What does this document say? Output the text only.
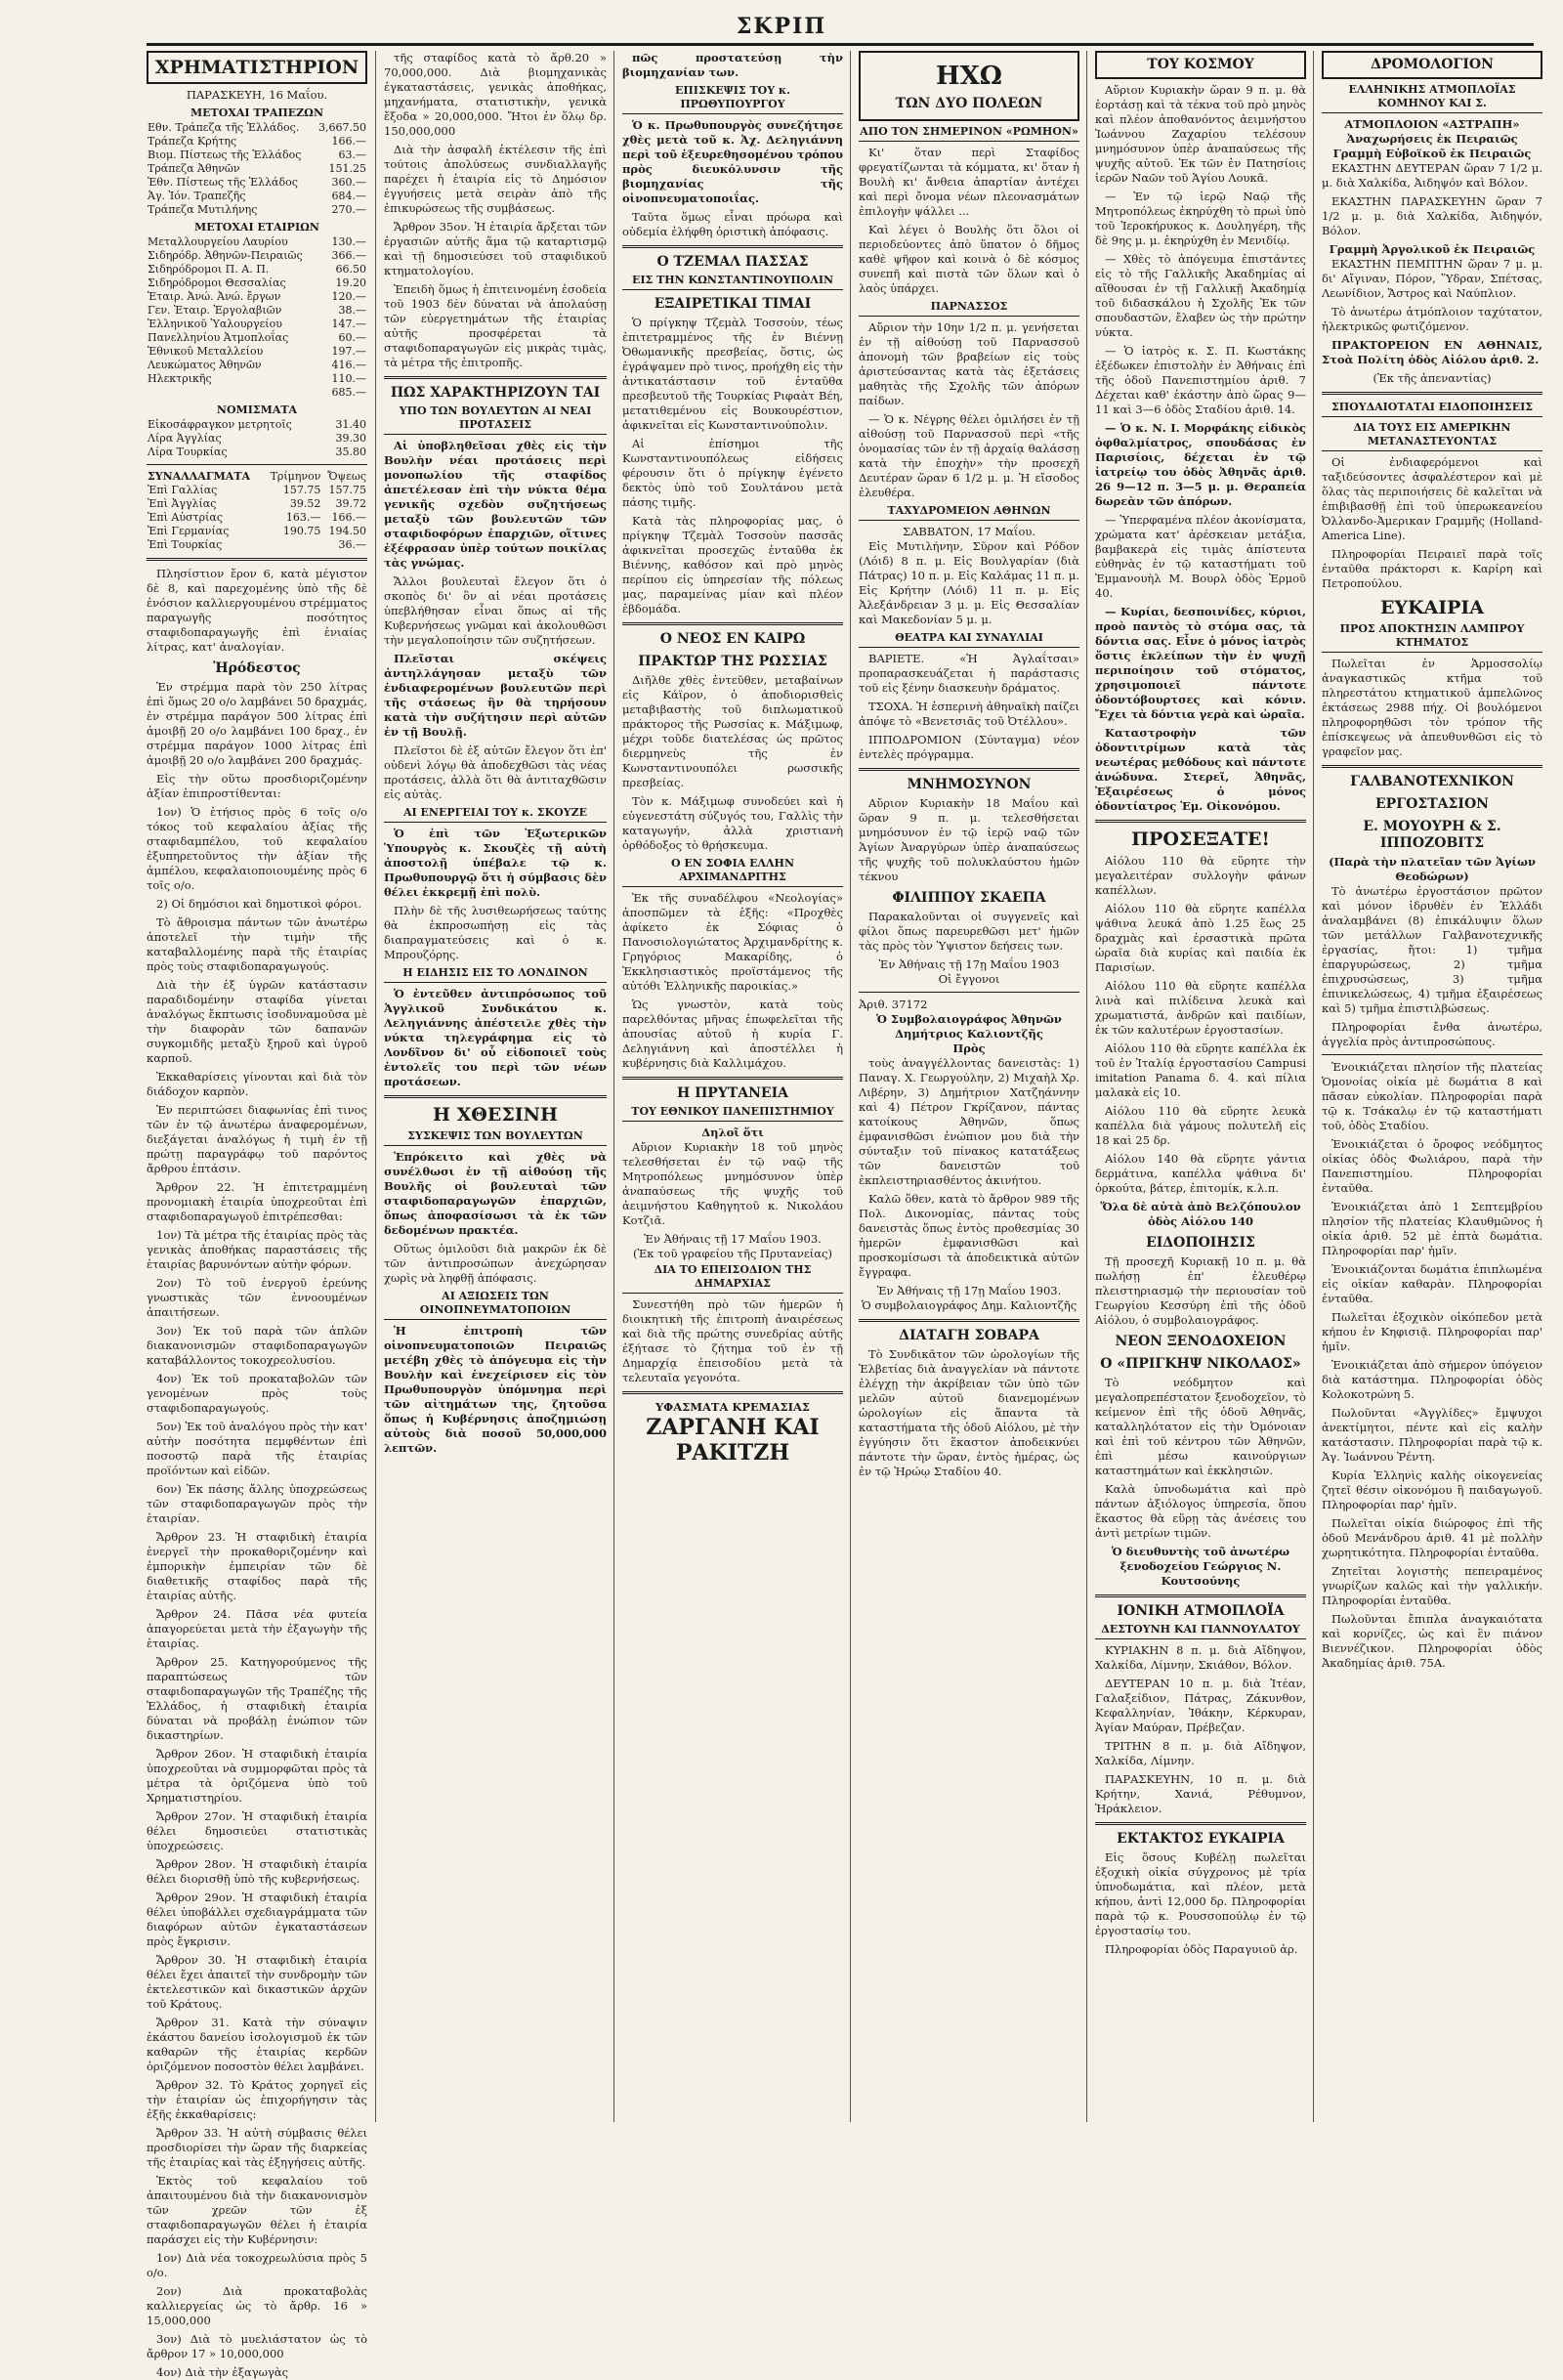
ΣΚΡΙΠ
ΧΡΗΜΑΤΙΣΤΗΡΙΟΝ
ΠΑΡΑΣΚΕΥΗ, 16 Μαΐου.
ΜΕΤΟΧΑΙ ΤΡΑΠΕΖΩΝ
Εθν. Τράπεζα τῆς Ἑλλάδος.	3,667.50
Τράπεζα Κρήτης	166.—
Βιομ. Πίστεως τῆς Ἑλλάδος	63.—
Τράπεζα Ἀθηνῶν	151.25
Ἐθν. Πίστεως τῆς Ἑλλάδος	360.—
Ἀγ. Ἰόν. Τραπεζῆς	684.—
Τράπεζα Μυτιλήνης	270.—
ΜΕΤΟΧΑΙ ΕΤΑΙΡΙΩΝ
Μεταλλουργείου Λαυρίου	130.—
Σιδηρόδρ. Ἀθηνῶν-Πειραιῶς	366.—
Σιδηρόδρομοι Π. Α. Π.	66.50
Σιδηρόδρομοι Θεσσαλίας	19.20
Ἑταιρ. Ἀνώ. Ἀνώ. ἔργων	120.—
Γεν. Ἑταιρ. Ἐργολαβιῶν	38.—
Ἑλληνικοῦ Ὑαλουργείου	147.—
Πανελληνίου Ἀτμοπλοΐας	60.—
Ἑθνικοῦ Μεταλλείου	197.—
Λευκώματος Ἀθηνῶν	416.—
Ηλεκτρικῆς	110.—
	685.—
ΝΟΜΙΣΜΑΤΑ
Εἰκοσάφραγκον μετρητοῖς	31.40
Λίρα Ἀγγλίας	39.30
Λίρα Τουρκίας	35.80
ΣΥΝΑΛΛΑΓΜΑΤΑ	Τρίμηνον	Ὄψεως
Ἐπὶ Γαλλίας	157.75	157.75
Ἐπὶ Ἀγγλίας	39.52	39.72
Ἐπὶ Αὐστρίας	163.—	166.—
Ἐπὶ Γερμανίας	190.75	194.50
Ἐπὶ Τουρκίας		36.—

Πλησίστιον ἔρον 6, κατὰ μέγιστον δὲ 8, καὶ παρεχομένης ὑπὸ τῆς δὲ ἐνόσιον καλλιεργουμένου στρέμματος παραγωγῆς ποσότητος σταφιδοπαραγωγῆς ἐπὶ ἑνιαίας λίτρας, κατ' ἀναλογίαν.

Ἡρόδεστος

Ἐν στρέμμα παρὰ τὸν 250 λίτρας ἐπὶ ὅμως 20 ο/ο λαμβάνει 50 δραχμάς, ἐν στρέμμα παράγον 500 λίτρας ἐπὶ ἀμοιβῇ 20 ο/ο λαμβάνει 100 δραχ., ἐν στρέμμα παράγον 1000 λίτρας ἐπὶ ἀμοιβῇ 20 ο/ο λαμβάνει 200 δραχμάς.

Εἰς τὴν οὕτω προσδιοριζομένην ἀξίαν ἐπιπροστίθενται:

1ον) Ὁ ἐτήσιος πρὸς 6 τοῖς ο/ο τόκος τοῦ κεφαλαίου ἀξίας τῆς σταφιδαμπέλου, τοῦ κεφαλαίου ἐξυπηρετοῦντος τὴν ἀξίαν τῆς ἀμπέλου, κεφαλαιοποιουμένης πρὸς 6 τοῖς ο/ο.

2) Οἱ δημόσιοι καὶ δημοτικοὶ φόροι.

Τὸ ἄθροισμα πάντων τῶν ἀνωτέρω ἀποτελεῖ τὴν τιμὴν τῆς καταβαλλομένης παρὰ τῆς ἑταιρίας πρὸς τοὺς σταφιδοπαραγωγούς.

Διὰ τὴν ἐξ ὑγρῶν κατάστασιν παραδιδομένην σταφίδα γίνεται ἀναλόγως ἔκπτωσις ἰσοδυναμοῦσα μὲ τὴν διαφορὰν τῶν δαπανῶν συγκομιδῆς μεταξὺ ξηροῦ καὶ ὑγροῦ καρποῦ.

Ἐκκαθαρίσεις γίνονται καὶ διὰ τὸν διάδοχον καρπὸν.

Ἐν περιπτώσει διαφωνίας ἐπὶ τινος τῶν ἐν τῷ ἀνωτέρω ἀναφερομένων, διεξάγεται ἀναλόγως ἡ τιμὴ ἐν τῇ πρώτῃ παραγράφῳ τοῦ παρόντος ἄρθρου ἑπτάσιν.

Ἄρθρον 22. Ἡ ἐπιτετραμμένη προνομιακὴ ἑταιρία ὑποχρεοῦται ἐπὶ σταφιδοπαραγωγοῦ ἐπιτρέπεσθαι:

1ον) Τὰ μέτρα τῆς ἐταιρίας πρὸς τὰς γενικὰς ἀποθήκας παραστάσεις τῆς ἑταιρίας βαρυνόντων αὐτὴν φόρων.

2ον) Τὸ τοῦ ἐνεργοῦ ἐρεύνης γνωστικὰς τῶν ἐννοουμένων ἀπαιτήσεων.

3ον) Ἐκ τοῦ παρὰ τῶν ἁπλῶν διακανονισμῶν σταφιδοπαραγωγῶν καταβάλλοντος τοκοχρεολυσίου.

4ον) Ἐκ τοῦ προκαταβολῶν τῶν γενομένων πρὸς τοὺς σταφιδοπαραγωγούς.

5ον) Ἐκ τοῦ ἀναλόγου πρὸς τὴν κατ' αὐτὴν ποσότητα πεμφθέντων ἐπὶ ποσοστῷ παρὰ τῆς ἑταιρίας προϊόντων καὶ εἰδῶν.

6ον) Ἐκ πάσης ἄλλης ὑποχρεώσεως τῶν σταφιδοπαραγωγῶν πρὸς τὴν ἑταιρίαν.

Ἄρθρον 23. Ἡ σταφιδικὴ ἑταιρία ἐνεργεῖ τὴν προκαθοριζομένην καὶ ἐμπορικὴν ἐμπειρίαν τῶν δὲ διαθετικῆς σταφίδος παρὰ τῆς ἑταιρίας αὐτῆς.

Ἄρθρον 24. Πᾶσα νέα φυτεία ἀπαγορεύεται μετὰ τὴν ἐξαγωγὴν τῆς ἑταιρίας.

Ἄρθρον 25. Κατηγορούμενος τῆς παραπτώσεως τῶν σταφιδοπαραγωγῶν τῆς Τραπέζης τῆς Ἑλλάδος, ἡ σταφιδικὴ ἑταιρία δύναται νὰ προβάλῃ ἐνώπιον τῶν δικαστηρίων.

Ἄρθρον 26ον. Ἡ σταφιδικὴ ἑταιρία ὑποχρεοῦται νὰ συμμορφῶται πρὸς τὰ μέτρα τὰ ὁριζόμενα ὑπὸ τοῦ Χρηματιστηρίου.

Ἄρθρον 27ον. Ἡ σταφιδικὴ ἑταιρία θέλει δημοσιεύει στατιστικὰς ὑποχρεώσεις.

Ἄρθρον 28ον. Ἡ σταφιδικὴ ἑταιρία θέλει διορισθῇ ὑπὸ τῆς κυβερνήσεως.

Ἄρθρον 29ον. Ἡ σταφιδικὴ ἑταιρία θέλει ὑποβάλλει σχεδιαγράμματα τῶν διαφόρων αὐτῶν ἐγκαταστάσεων πρὸς ἔγκρισιν.

Ἄρθρον 30. Ἡ σταφιδικὴ ἑταιρία θέλει ἔχει ἀπαιτεῖ τὴν συνδρομὴν τῶν ἐκτελεστικῶν καὶ δικαστικῶν ἀρχῶν τοῦ Κράτους.

Ἄρθρον 31. Κατὰ τὴν σύναψιν ἐκάστου δανείου ἰσολογισμοῦ ἐκ τῶν καθαρῶν τῆς ἑταιρίας κερδῶν ὁριζόμενον ποσοστὸν θέλει λαμβάνει.

Ἄρθρον 32. Τὸ Κράτος χορηγεῖ εἰς τὴν ἑταιρίαν ὡς ἐπιχορήγησιν τὰς ἐξῆς ἐκκαθαρίσεις:

Ἄρθρον 33. Ἡ αὐτὴ σύμβασις θέλει προσδιορίσει τὴν ὥραν τῆς διαρκείας τῆς ἑταιρίας καὶ τὰς ἐξηγήσεις αὐτῆς.

Ἐκτὸς τοῦ κεφαλαίου τοῦ ἀπαιτουμένου διὰ τὴν διακανονισμὸν τῶν χρεῶν τῶν ἐξ σταφιδοπαραγωγῶν θέλει ἡ ἑταιρία παράσχει εἰς τὴν Κυβέρνησιν:

1ον) Διὰ νέα τοκοχρεωλύσια πρὸς 5 ο/ο.

2ον) Διὰ προκαταβολὰς καλλιεργείας ὡς τὸ ἄρθρ. 16 » 15,000,000

3ον) Διὰ τὸ μυελιάστατον ὡς τὸ ἄρθρον 17 » 10,000,000

4ον) Διὰ τὴν ἐξαγωγὰς

τῆς σταφίδος κατὰ τὸ ἄρθ.20 » 70,000,000. Διὰ βιομηχανικὰς ἐγκαταστάσεις, γενικὰς ἀποθήκας, μηχανήματα, στατιστικὴν, γενικὰ ἔξοδα » 20,000,000. Ἤτοι ἐν ὅλῳ δρ. 150,000,000

Διὰ τὴν ἀσφαλῆ ἐκτέλεσιν τῆς ἐπὶ τούτοις ἀπολύσεως συνδιαλλαγῆς παρέχει ἡ ἑταιρία εἰς τὸ Δημόσιον ἐγγυήσεις μετὰ σειρὰν ἀπὸ τῆς ἐπικυρώσεως τῆς συμβάσεως.

Ἄρθρον 35ον. Ἡ ἑταιρία ἄρξεται τῶν ἐργασιῶν αὐτῆς ἅμα τῷ καταρτισμῷ καὶ τῇ δημοσιεύσει τοῦ σταφιδικοῦ κτηματολογίου.

Ἐπειδὴ ὅμως ἡ ἐπιτεινομένη ἐσοδεία τοῦ 1903 δὲν δύναται νὰ ἀπολαύσῃ τῶν εὐεργετημάτων τῆς ἑταιρίας αὐτῆς προσφέρεται τὰ σταφιδοπαραγωγῶν εἰς μικρὰς τιμὰς, τὰ μέτρα τῆς ἐπιτροπῆς.

ΠΩΣ ΧΑΡΑΚΤΗΡΙΖΟΥΝ ΤΑΙ
ΥΠΟ ΤΩΝ ΒΟΥΛΕΥΤΩΝ ΑΙ ΝΕΑΙ ΠΡΟΤΑΣΕΙΣ

Αἱ ὑποβληθεῖσαι χθὲς εἰς τὴν Βουλὴν νέαι προτάσεις περὶ μονοπωλίου τῆς σταφίδος ἀπετέλεσαν ἐπὶ τὴν νύκτα θέμα γενικῆς σχεδὸν συζητήσεως μεταξὺ τῶν βουλευτῶν τῶν σταφιδοφόρων ἐπαρχιῶν, οἵτινες ἐξέφρασαν ὑπὲρ τούτων ποικίλας τὰς γνώμας.

Ἄλλοι βουλευταὶ ἔλεγον ὅτι ὁ σκοπὸς δι' ὃν αἱ νέαι προτάσεις ὑπεβλήθησαν εἶναι ὅπως αἱ τῆς Κυβερνήσεως γνῶμαι καὶ ἀκολουθῶσι τὴν μεγαλοποίησιν τῶν συζητήσεων.

Πλεῖσται σκέψεις ἀντηλλάγησαν μεταξὺ τῶν ἐνδιαφερομένων βουλευτῶν περὶ τῆς στάσεως ἣν θὰ τηρήσουν κατὰ τὴν συζήτησιν περὶ αὐτῶν ἐν τῇ Βουλῇ.

Πλεῖστοι δὲ ἐξ αὐτῶν ἔλεγον ὅτι ἐπ' οὐδενὶ λόγῳ θὰ ἀποδεχθῶσι τὰς νέας προτάσεις, ἀλλὰ ὅτι θὰ ἀντιταχθῶσιν εἰς αὐτὰς.

ΑΙ ΕΝΕΡΓΕΙΑΙ ΤΟΥ κ. ΣΚΟΥΖΕ

Ὁ ἐπὶ τῶν Ἐξωτερικῶν Ὑπουργὸς κ. Σκουζὲς τῇ αὐτὴ ἀποστολῇ ὑπέβαλε τῷ κ. Πρωθυπουργῷ ὅτι ἡ σύμβασις δὲν θέλει ἐκκρεμῇ ἐπὶ πολὺ.

Πλὴν δὲ τῆς λυσιθεωρήσεως ταύτης θὰ ἐκπροσωπήσῃ εἰς τὰς διαπραγματεύσεις καὶ ὁ κ. Μπρουζόρης.

Η ΕΙΔΗΣΙΣ ΕΙΣ ΤΟ ΛΟΝΔΙΝΟΝ

Ὁ ἐντεῦθεν ἀντιπρόσωπος τοῦ Ἀγγλικοῦ Συνδικάτου κ. Λεληγιάννης ἀπέστειλε χθὲς τὴν νύκτα τηλεγράφημα εἰς τὸ Λονδῖνον δι' οὗ εἰδοποιεῖ τοὺς ἐντολεῖς του περὶ τῶν νέων προτάσεων.

Η ΧΘΕΣΙΝΗ
ΣΥΣΚΕΨΙΣ ΤΩΝ ΒΟΥΛΕΥΤΩΝ

Ἐπρόκειτο καὶ χθὲς νὰ συνέλθωσι ἐν τῇ αἰθούσῃ τῆς Βουλῆς οἱ βουλευταὶ τῶν σταφιδοπαραγωγῶν ἐπαρχιῶν, ὅπως ἀποφασίσωσι τὰ ἐκ τῶν δεδομένων πρακτέα.

Οὕτως ὁμιλοῦσι διὰ μακρῶν ἐκ δὲ τῶν ἀντιπροσώπων ἀνεχώρησαν χωρὶς νὰ ληφθῇ ἀπόφασις.

ΑΙ ΑΞΙΩΣΕΙΣ ΤΩΝ ΟΙΝΟΠΝΕΥΜΑΤΟΠΟΙΩΝ

Ἡ ἐπιτροπὴ τῶν οἰνοπνευματοποιῶν Πειραιῶς μετέβη χθὲς τὸ ἀπόγευμα εἰς τὴν Βουλὴν καὶ ἐνεχείρισεν εἰς τὸν Πρωθυπουργὸν ὑπόμνημα περὶ τῶν αἰτημάτων της, ζητοῦσα ὅπως ἡ Κυβέρνησις ἀποζημιώσῃ αὐτοὺς διὰ ποσοῦ 50,000,000 λεπτῶν.

πῶς προστατεύσῃ τὴν βιομηχανίαν των.

ΕΠΙΣΚΕΨΙΣ ΤΟΥ κ. ΠΡΩΘΥΠΟΥΡΓΟΥ

Ὁ κ. Πρωθυπουργὸς συνεζήτησε χθὲς μετὰ τοῦ κ. Ἀχ. Δεληγιάννη περὶ τοῦ ἐξευρεθησομένου τρόπου πρὸς διευκόλυνσιν τῆς βιομηχανίας τῆς οἰνοπνευματοποιΐας.

Ταῦτα ὅμως εἶναι πρόωρα καὶ οὐδεμία ἐλήφθη ὁριστικὴ ἀπόφασις.

Ο ΤΖΕΜΑΛ ΠΑΣΣΑΣ
ΕΙΣ ΤΗΝ ΚΩΝΣΤΑΝΤΙΝΟΥΠΟΛΙΝ
ΕΞΑΙΡΕΤΙΚΑΙ ΤΙΜΑΙ

Ὁ πρίγκηψ Τζεμὰλ Τοσσοὺν, τέως ἐπιτετραμμένος τῆς ἐν Βιέννῃ Ὀθωμανικῆς πρεσβείας, ὅστις, ὡς ἐγράψαμεν πρὸ τινος, προήχθη εἰς τὴν ἀντικατάστασιν τοῦ ἐνταῦθα πρεσβευτοῦ τῆς Τουρκίας Ριφαὰτ Βέη, μετατιθεμένου εἰς Βουκουρέστιον, ἀφικνεῖται εἰς Κωνσταντινούπολιν.

Αἱ ἐπίσημοι τῆς Κωνσταντινουπόλεως εἰδήσεις φέρουσιν ὅτι ὁ πρίγκηψ ἐγένετο δεκτὸς ὑπὸ τοῦ Σουλτάνου μετὰ πάσης τιμῆς.

Κατὰ τὰς πληροφορίας μας, ὁ πρίγκηψ Τζεμὰλ Τοσσοὺν πασσᾶς ἀφικνεῖται προσεχῶς ἐνταῦθα ἐκ Βιέννης, καθόσον καὶ πρὸ μηνὸς περίπου εἰς ὑπηρεσίαν τῆς πόλεως μας, παραμείνας μίαν καὶ πλέον ἑβδομάδα.

Ο ΝΕΟΣ ΕΝ ΚΑΙΡΩ
ΠΡΑΚΤΩΡ ΤΗΣ ΡΩΣΣΙΑΣ

Διῆλθε χθὲς ἐντεῦθεν, μεταβαίνων εἰς Κάϊρον, ὁ ἀποδιορισθεὶς μεταβιβαστὴς τοῦ διπλωματικοῦ πράκτορος τῆς Ρωσσίας κ. Μάξιμωφ, μέχρι τοῦδε διατελέσας ὡς πρῶτος διερμηνεὺς τῆς ἐν Κωνσταντινουπόλει ρωσσικῆς πρεσβείας.

Τὸν κ. Μάξιμωφ συνοδεύει καὶ ἡ εὐγενεστάτη σύζυγός του, Γαλλὶς τὴν καταγωγήν, ἀλλὰ χριστιανὴ ὀρθόδοξος τὸ θρήσκευμα.

Ο ΕΝ ΣΟΦΙΑ ΕΛΛΗΝ ΑΡΧΙΜΑΝΔΡΙΤΗΣ

Ἐκ τῆς συναδέλφου «Νεολογίας» ἀποσπῶμεν τὰ ἑξῆς: «Προχθὲς ἀφίκετο ἐκ Σόφιας ὁ Πανοσιολογιώτατος Ἀρχιμανδρίτης κ. Γρηγόριος Μακαρίδης, ὁ Ἐκκλησιαστικὸς προϊστάμενος τῆς αὐτόθι Ἑλληνικῆς παροικίας.»

Ὡς γνωστὸν, κατὰ τοὺς παρελθόντας μῆνας ἐπωφελεῖται τῆς ἀπουσίας αὐτοῦ ἡ κυρία Γ. Δεληγιάννη καὶ ἀποστέλλει ἡ κυβέρνησις διὰ Καλλιμάχου.

Η ΠΡΥΤΑΝΕΙΑ
ΤΟΥ ΕΘΝΙΚΟΥ ΠΑΝΕΠΙΣΤΗΜΙΟΥ
Δηλοῖ ὅτι

Αὔριον Κυριακὴν 18 τοῦ μηνὸς τελεσθήσεται ἐν τῷ ναῷ τῆς Μητροπόλεως μνημόσυνον ὑπὲρ ἀναπαύσεως τῆς ψυχῆς τοῦ ἀειμνήστου Καθηγητοῦ κ. Νικολάου Κοτζιᾶ.

Ἐν Ἀθήναις τῇ 17 Μαΐου 1903.
(Ἐκ τοῦ γραφείου τῆς Πρυτανείας)
ΔΙΑ ΤΟ ΕΠΕΙΣΟΔΙΟΝ ΤΗΣ ΔΗΜΑΡΧΙΑΣ

Συνεστήθη πρὸ τῶν ἡμερῶν ἡ διοικητικὴ τῆς ἐπιτροπὴ ἀναιρέσεως καὶ διὰ τῆς πρώτης συνεδρίας αὐτῆς ἐξήτασε τὸ ζήτημα τοῦ ἐν τῇ Δημαρχίᾳ ἐπεισοδίου μετὰ τὰ τελευταῖα γεγονότα.

ΥΦΑΣΜΑΤΑ ΚΡΕΜΑΣΙΑΣ
ΖΑΡΓΑΝΗ ΚΑΙ ΡΑΚΙΤΖΗ
ΗΧΩ
ΤΩΝ ΔΥΟ ΠΟΛΕΩΝ
ΑΠΟ ΤΟΝ ΣΗΜΕΡΙΝΟΝ «ΡΩΜΗΟΝ»

Κι' ὅταν περὶ Σταφίδος φρεγατίζωνται τὰ κόμματα, κι' ὅταν ἡ Βουλὴ κι' ἄνθεια ἁπαρτίαν ἀντέχει καὶ περὶ ὄνομα νέων πλεονασμάτων ἐπιλογὴν ψάλλει ...

Καὶ λέγει ὁ Βουλὴς ὅτι ὅλοι οἱ περιοδεύοντες ἀπὸ ὕπατον ὁ δῆμος καθὲ ψῆφον καὶ κοινὰ ὁ δὲ κόσμος συνεπῆ καὶ πιστὰ τῶν ὅλων καὶ ὁ λαὸς ὑπάρχει.

ΠΑΡΝΑΣΣΟΣ

Αὔριον τὴν 10ην 1/2 π. μ. γενήσεται ἐν τῇ αἰθούσῃ τοῦ Παρνασσοῦ ἀπονομὴ τῶν βραβείων εἰς τοὺς ἀριστεύσαντας κατὰ τὰς ἐξετάσεις μαθητὰς τῆς Σχολῆς τῶν ἀπόρων παίδων.

— Ὁ κ. Νέγρης θέλει ὁμιλήσει ἐν τῇ αἰθούσῃ τοῦ Παρνασσοῦ περὶ «τῆς ὀνομασίας τῶν ἐν τῇ ἀρχαίᾳ θαλάσσῃ κατὰ τὴν ἐποχὴν» τὴν προσεχῆ Δευτέραν ὥραν 6 1/2 μ. μ. Ἡ εἴσοδος ἐλευθέρα.

ΤΑΧΥΔΡΟΜΕΙΟΝ ΑΘΗΝΩΝ
ΣΑΒΒΑΤΟΝ, 17 Μαΐου.

Εἰς Μυτιλήνην, Σῦρον καὶ Ρόδον (Λόιδ) 8 π. μ. Εἰς Βουλγαρίαν (διὰ Πάτρας) 10 π. μ. Εἰς Καλάμας 11 π. μ. Εἰς Κρήτην (Λόιδ) 11 π. μ. Εἰς Ἀλεξάνδρειαν 3 μ. μ. Εἰς Θεσσαλίαν καὶ Μακεδονίαν 5 μ. μ.

ΘΕΑΤΡΑ ΚΑΙ ΣΥΝΑΥΛΙΑΙ

ΒΑΡΙΕΤΕ. «Ἡ Ἀγλαΐτσαι» προπαρασκευάζεται ἡ παράστασις τοῦ εἰς ξένην διασκευὴν δράματος.

ΤΣΟΧΑ. Ἡ ἑσπερινὴ ἀθηναϊκὴ παίζει ἀπόψε τὸ «Βενετσιᾶς τοῦ Ὀτέλλου».

ΙΠΠΟΔΡΟΜΙΟΝ (Σύνταγμα) νέον ἐντελὲς πρόγραμμα.

ΜΝΗΜΟΣΥΝΟΝ

Αὔριον Κυριακὴν 18 Μαΐου καὶ ὥραν 9 π. μ. τελεσθήσεται μνημόσυνον ἐν τῷ ἱερῷ ναῷ τῶν Ἁγίων Ἀναργύρων ὑπὲρ ἀναπαύσεως τῆς ψυχῆς τοῦ πολυκλαύστου ἡμῶν τέκνου

ΦΙΛΙΠΠΟΥ ΣΚΑΕΠΑ

Παρακαλοῦνται οἱ συγγενεῖς καὶ φίλοι ὅπως παρευρεθῶσι μετ' ἡμῶν τὰς πρὸς τὸν Ὑψιστον δεήσεις των.

Ἐν Ἀθήναις τῇ 17ῃ Μαΐου 1903
Οἱ ἔγγονοι
Ἀριθ. 37172
Ὁ Συμβολαιογράφος Ἀθηνῶν Δημήτριος Καλιοντζῆς
Πρὸς

τοὺς ἀναγγέλλοντας δανειστὰς: 1) Παναγ. Χ. Γεωργούλην, 2) Μιχαὴλ Χρ. Λιβέρην, 3) Δημήτριον Χατζηάννην καὶ 4) Πέτρον Γκρίζανον, πάντας κατοίκους Ἀθηνῶν, ὅπως ἐμφανισθῶσι ἐνώπιον μου διὰ τὴν σύνταξιν τοῦ πίνακος κατατάξεως τῶν δανειστῶν τοῦ ἐκπλειστηριασθέντος ἀκινήτου.

Καλῶ ὅθεν, κατὰ τὸ ἄρθρον 989 τῆς Πολ. Δικονομίας, πάντας τοὺς δανειστὰς ὅπως ἐντὸς προθεσμίας 30 ἡμερῶν ἐμφανισθῶσι καὶ προσκομίσωσι τὰ ἀποδεικτικὰ αὐτῶν ἔγγραφα.

Ἐν Ἀθήναις τῇ 17ῃ Μαΐου 1903.
Ὁ συμβολαιογράφος Δημ. Καλιοντζῆς
ΔΙΑΤΑΓΗ ΣΟΒΑΡΑ

Τὸ Συνδικᾶτον τῶν ὡρολογίων τῆς Ἑλβετίας διὰ ἀναγγελίαν νὰ πάντοτε ἐλέγχῃ τὴν ἀκρίβειαν τῶν ὑπὸ τῶν μελῶν αὐτοῦ διανεμομένων ὡρολογίων εἰς ἅπαντα τὰ καταστήματα τῆς ὁδοῦ Αἰόλου, μὲ τὴν ἐγγύησιν ὅτι ἕκαστον ἀποδεικνύει πάντοτε τὴν ὥραν, ἐντὸς ἡμέρας, ὡς ἐν τῷ Ἡρώῳ Σταδίου 40.

ΤΟΥ ΚΟΣΜΟΥ

Αὔριον Κυριακὴν ὥραν 9 π. μ. θὰ ἑορτάσῃ καὶ τὰ τέκνα τοῦ πρὸ μηνὸς καὶ πλέον ἀποθανόντος ἀειμνήστου Ἰωάννου Ζαχαρίου τελέσουν μνημόσυνον ὑπὲρ ἀναπαύσεως τῆς ψυχῆς αὐτοῦ. Ἐκ τῶν ἐν Πατησίοις ἱερῶν Ναῶν τοῦ Ἁγίου Λουκᾶ.

— Ἐν τῷ ἱερῷ Ναῷ τῆς Μητροπόλεως ἐκηρύχθη τὸ πρωὶ ὑπὸ τοῦ Ἱεροκήρυκος κ. Δουληγέρη, τῆς δὲ 9ης μ. μ. ἐκηρύχθη ἐν Μενιδίῳ.

— Χθὲς τὸ ἀπόγευμα ἐπιστάντες εἰς τὸ τῆς Γαλλικῆς Ἀκαδημίας αἱ αἴθουσαι ἐν τῇ Γαλλικῇ Ἀκαδημίᾳ τοῦ διδασκάλου ἡ Σχολῆς Ἐκ τῶν σπουδαστῶν, ἔλαβεν ὡς τὴν πρώτην νύκτα.

— Ὁ ἰατρὸς κ. Σ. Π. Κωστάκης ἐξέδωκεν ἐπιστολὴν ἐν Ἀθήναις ἐπὶ τῆς ὁδοῦ Πανεπιστημίου ἀριθ. 7 Δέχεται καθ' ἑκάστην ἀπὸ ὥρας 9—11 καὶ 3—6 ὁδὸς Σταδίου ἀριθ. 14.

— Ὁ κ. Ν. Ι. Μορφάκης εἰδικὸς ὀφθαλμίατρος, σπουδάσας ἐν Παρισίοις, δέχεται ἐν τῷ ἰατρείῳ του ὁδὸς Ἀθηνᾶς ἀριθ. 26 9—12 π. 3—5 μ. μ. Θεραπεία δωρεὰν τῶν ἀπόρων.

— Ὑπερφαμένα πλέον ἀκονίσματα, χρώματα κατ' ἀρέσκειαν μετάξια, βαμβακερὰ εἰς τιμὰς ἀπίστευτα εὐθηνὰς ἐν τῷ καταστήματι τοῦ Ἐμμανουὴλ Μ. Βουρλ ὁδὸς Ἑρμοῦ 40.

— Κυρίαι, δεσποινίδες, κύριοι, προὸ παντὸς τὸ στόμα σας, τὰ δόντια σας. Εἶνε ὁ μόνος ἰατρὸς ὅστις ἐκλείπων τὴν ἐν ψυχῇ περιποίησιν τοῦ στόματος, χρησιμοποιεῖ πάντοτε ὀδοντόβουρτσες καὶ κόνιν. Ἔχει τὰ δόντια γερὰ καὶ ὡραῖα.

Καταστροφὴν τῶν ὀδοντιτρίμων κατὰ τὰς νεωτέρας μεθόδους καὶ πάντοτε ἀνώδυνα. Στερεῖ, Ἀθηνᾶς, Ἐξαιρέσεως ὁ μόνος ὀδοντίατρος Ἐμ. Οἰκονόμου.

ΠΡΟΣΕΞΑΤΕ!

Αἰόλου 110 θὰ εὕρητε τὴν μεγαλειτέραν συλλογὴν φάνων καπέλλων.

Αἰόλου 110 θὰ εὕρητε καπέλλα ψάθινα λευκά ἀπὸ 1.25 ἕως 25 δραχμὰς καὶ ἐρσαστικὰ πρῶτα ὡραῖα διὰ κυρίας καὶ παιδία ἐκ Παρισίων.

Αἰόλου 110 θὰ εὕρητε καπέλλα λινὰ καὶ πιλίδεινα λευκὰ καὶ χρωματιστά, ἀνδρῶν καὶ παιδίων, ἐκ τῶν καλυτέρων ἐργοστασίων.

Αἰόλου 110 θὰ εὕρητε καπέλλα ἐκ τοῦ ἐν Ἰταλίᾳ ἐργοστασίου Campusi imitation Panama δ. 4. καὶ πίλια μαλακὰ εἰς 10.

Αἰόλου 110 θὰ εὕρητε λευκὰ καπέλλα διὰ γάμους πολυτελῆ εἰς 18 καὶ 25 δρ.

Αἰόλου 140 θὰ εὕρητε γάντια δερμάτινα, καπέλλα ψάθινα δι' ὀρκούτα, βάτερ, ἐπιτομίκ, κ.λ.π.

Ὅλα δὲ αὐτὰ ἀπὸ Βελζόπουλον ὁδὸς Αἰόλου 140
ΕΙΔΟΠΟΙΗΣΙΣ

Τῇ προσεχῆ Κυριακῇ 10 π. μ. θὰ πωλήσῃ ἐπ' ἐλευθέρῳ πλειστηριασμῷ τὴν περιουσίαν τοῦ Γεωργίου Κεσσύρη ἐπὶ τῆς ὁδοῦ Αἰόλου, ὁ συμβολαιογράφος.

ΝΕΟΝ ΞΕΝΟΔΟΧΕΙΟΝ
Ο «ΠΡΙΓΚΗΨ ΝΙΚΟΛΑΟΣ»

Τὸ νεόδμητον καὶ μεγαλοπρεπέστατον ξενοδοχεῖον, τὸ κείμενον ἐπὶ τῆς ὁδοῦ Ἀθηνᾶς, καταλληλότατον εἰς τὴν Ὀμόνοιαν καὶ ἐπὶ τοῦ κέντρου τῶν Ἀθηνῶν, ἐπὶ μέσω καινούργιων καταστημάτων καὶ ἐκκλησιῶν.

Καλὰ ὑπνοδωμάτια καὶ πρὸ πάντων ἀξιόλογος ὑπηρεσία, ὅπου ἕκαστος θὰ εὕρῃ τὰς ἀνέσεις του ἀντὶ μετρίων τιμῶν.

Ὁ διευθυντὴς τοῦ ἀνωτέρω ξενοδοχείου Γεώργιος Ν. Κουτσούνης
ΙΟΝΙΚΗ ΑΤΜΟΠΛΟΪΑ
ΔΕΣΤΟΥΝΗ ΚΑΙ ΓΙΑΝΝΟΥΛΑΤΟΥ

ΚΥΡΙΑΚΗΝ 8 π. μ. διὰ Αἴδηψον, Χαλκίδα, Λίμνην, Σκιάθον, Βόλον.

ΔΕΥΤΕΡΑΝ 10 π. μ. διὰ Ἰτέαν, Γαλαξείδιον, Πάτρας, Ζάκυνθον, Κεφαλληνίαν, Ἰθάκην, Κέρκυραν, Ἀγίαν Μαύραν, Πρέβεζαν.

ΤΡΙΤΗΝ 8 π. μ. διὰ Αἴδηψον, Χαλκίδα, Λίμνην.

ΠΑΡΑΣΚΕΥΗΝ, 10 π. μ. διὰ Κρήτην, Χανιά, Ρέθυμνον, Ἡράκλειον.

ΕΚΤΑΚΤΟΣ ΕΥΚΑΙΡΙΑ

Εἰς ὅσους Κυβέλῃ πωλεῖται ἐξοχικὴ οἰκία σύγχρονος μὲ τρία ὑπνοδωμάτια, καὶ πλέον, μετὰ κήπου, ἀντὶ 12,000 δρ. Πληροφορίαι παρὰ τῷ κ. Ρουσσοπούλῳ ἐν τῷ ἐργοστασίῳ του.

Πληροφορίαι ὁδὸς Παραγυιοῦ ἀρ.

ΔΡΟΜΟΛΟΓΙΟΝ
ΕΛΛΗΝΙΚΗΣ ΑΤΜΟΠΛΟΪΑΣ ΚΟΜΗΝΟΥ ΚΑΙ Σ.
ΑΤΜΟΠΛΟΙΟΝ «ΑΣΤΡΑΠΗ»
Ἀναχωρήσεις ἐκ Πειραιῶς
Γραμμὴ Εὐβοϊκοῦ ἐκ Πειραιῶς

ΕΚΑΣΤΗΝ ΔΕΥΤΕΡΑΝ ὥραν 7 1/2 μ. μ. διὰ Χαλκίδα, Ἀιδηψόν καὶ Βόλον.

ΕΚΑΣΤΗΝ ΠΑΡΑΣΚΕΥΗΝ ὥραν 7 1/2 μ. μ. διὰ Χαλκίδα, Ἀιδηψόν, Βόλον.

Γραμμὴ Ἀργολικοῦ ἐκ Πειραιῶς

ΕΚΑΣΤΗΝ ΠΕΜΠΤΗΝ ὥραν 7 μ. μ. δι' Αἴγιναν, Πόρον, Ὕδραν, Σπέτσας, Λεωνίδιον, Ἄστρος καὶ Ναύπλιον.

Τὸ ἀνωτέρω ἀτμόπλοιον ταχύτατον, ἠλεκτρικῶς φωτιζόμενον.

ΠΡΑΚΤΟΡΕΙΟΝ ΕΝ ΑΘΗΝΑΙΣ, Στοὰ Πολίτη ὁδὸς Αἰόλου ἀριθ. 2.

(Ἐκ τῆς ἀπεναντίας)
ΣΠΟΥΔΑΙΟΤΑΤΑΙ ΕΙΔΟΠΟΙΗΣΕΙΣ
ΔΙΑ ΤΟΥΣ ΕΙΣ ΑΜΕΡΙΚΗΝ ΜΕΤΑΝΑΣΤΕΥΟΝΤΑΣ

Οἱ ἐνδιαφερόμενοι καὶ ταξιδεύσοντες ἀσφαλέστερον καὶ μὲ ὅλας τὰς περιποιήσεις δὲ καλεῖται νὰ ἐπιβιβασθῇ ἐπὶ τοῦ ὑπερωκεανείου Ὀλλανδο-Ἀμερικαν Γραμμῆς (Holland-America Line).

Πληροφορίαι Πειραιεῖ παρὰ τοῖς ἐνταῦθα πράκτορσι κ. Καρίρη καὶ Πετροπούλου.

ΕΥΚΑΙΡΙΑ
ΠΡΟΣ ΑΠΟΚΤΗΣΙΝ ΛΑΜΠΡΟΥ ΚΤΗΜΑΤΟΣ

Πωλεῖται ἐν Ἁρμοσσολίῳ ἀναγκαστικῶς κτῆμα τοῦ πληρεστάτου κτηματικοῦ ἀμπελῶνος ἐκτάσεως 2988 πήχ. Οἱ βουλόμενοι πληροφορηθῶσι τὸν τρόπον τῆς ἐπίσκεψεως νὰ ἀπευθυνθῶσι εἰς τὸ γραφεῖον μας.

ΓΑΛΒΑΝΟΤΕΧΝΙΚΟΝ
ΕΡΓΟΣΤΑΣΙΟΝ
Ε. ΜΟΥΟΥΡΗ & Σ. ΙΠΠΟΖΟΒΙΤΣ
(Παρὰ τὴν πλατεῖαν τῶν Ἁγίων Θεοδώρων)

Τὸ ἀνωτέρω ἐργοστάσιον πρῶτον καὶ μόνον ἰδρυθὲν ἐν Ἑλλάδι ἀναλαμβάνει (8) ἐπικάλυψιν ὅλων τῶν μετάλλων Γαλβανοτεχνικῆς ἐργασίας, ἤτοι: 1) τμῆμα ἐπαργυρώσεως, 2) τμῆμα ἐπιχρυσώσεως, 3) τμῆμα ἐπινικελώσεως, 4) τμῆμα ἐξαιρέσεως καὶ 5) τμῆμα ἐπιστιλβώσεως.

Πληροφορίαι ἔνθα ἀνωτέρω, ἀγγελία πρὸς ἀντιπροσώπους.

Ἐνοικιάζεται πλησίον τῆς πλατείας Ὁμονοίας οἰκία μὲ δωμάτια 8 καὶ πᾶσαν εὐκολίαν. Πληροφορίαι παρὰ τῷ κ. Τσάκαλῳ ἐν τῷ καταστήματι τοῦ, ὁδὸς Σταδίου.

Ἐνοικιάζεται ὁ ὄροφος νεόδμητος οἰκίας ὁδὸς Φωλιάρου, παρὰ τὴν Πανεπιστημίου. Πληροφορίαι ἐνταῦθα.

Ἐνοικιάζεται ἀπὸ 1 Σεπτεμβρίου πλησίον τῆς πλατείας Κλαυθμῶνος ἡ οἰκία ἀριθ. 52 μὲ ἐπτὰ δωμάτια. Πληροφορίαι παρ' ἡμῖν.

Ἐνοικιάζονται δωμάτια ἐπιπλωμένα εἰς οἰκίαν καθαρὰν. Πληροφορίαι ἐνταῦθα.

Πωλεῖται ἐξοχικὸν οἰκόπεδον μετὰ κήπου ἐν Κηφισιᾷ. Πληροφορίαι παρ' ἡμῖν.

Ἐνοικιάζεται ἀπὸ σήμερον ὑπόγειον διὰ κατάστημα. Πληροφορίαι ὁδὸς Κολοκοτρώνη 5.

Πωλοῦνται «Ἀγγλίδες» ἔμψυχοι ἀνεκτίμητοι, πέντε καὶ εἰς καλὴν κατάστασιν. Πληροφορίαι παρὰ τῷ κ. Ἀγ. Ἰωάννου Ῥέντη.

Κυρία Ἑλληνὶς καλὴς οἰκογενείας ζητεῖ θέσιν οἰκονόμου ἢ παιδαγωγοῦ. Πληροφορίαι παρ' ἡμῖν.

Πωλεῖται οἰκία διώροφος ἐπὶ τῆς ὁδοῦ Μενάνδρου ἀριθ. 41 μὲ πολλὴν χωρητικότητα. Πληροφορίαι ἐνταῦθα.

Ζητεῖται λογιστὴς πεπειραμένος γνωρίζων καλῶς καὶ τὴν γαλλικήν. Πληροφορίαι ἐνταῦθα.

Πωλοῦνται ἔπιπλα ἀναγκαιότατα καὶ κορνίζες, ὡς καὶ ἓν πιάνον Βιεννέζικον. Πληροφορίαι ὁδὸς Ἀκαδημίας ἀριθ. 75Α.
